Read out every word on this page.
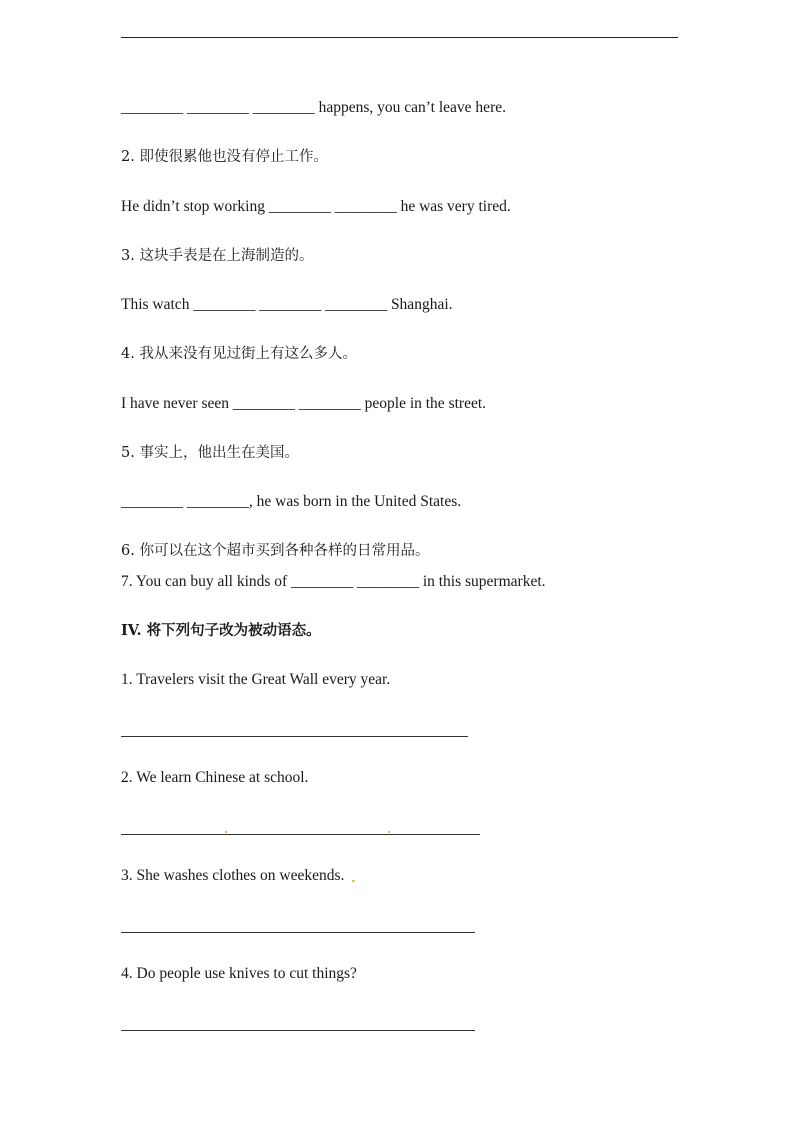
________ ________ ________ happens, you can’t leave here.
2. 即使很累他也没有停止工作。
He didn’t stop working ________ ________ he was very tired.
3. 这块手表是在上海制造的。
This watch ________ ________ ________ Shanghai.
4. 我从来没有见过街上有这么多人。
I have never seen ________ ________ people in the street.
5. 事实上，他出生在美国。
________ ________, he was born in the United States.
6. 你可以在这个超市买到各种各样的日常用品。
7. You can buy all kinds of ________ ________ in this supermarket.
IV. 将下列句子改为被动语态。
1. Travelers visit the Great Wall every year.
2. We learn Chinese at school.
3. She washes clothes on weekends.
4. Do people use knives to cut things?
